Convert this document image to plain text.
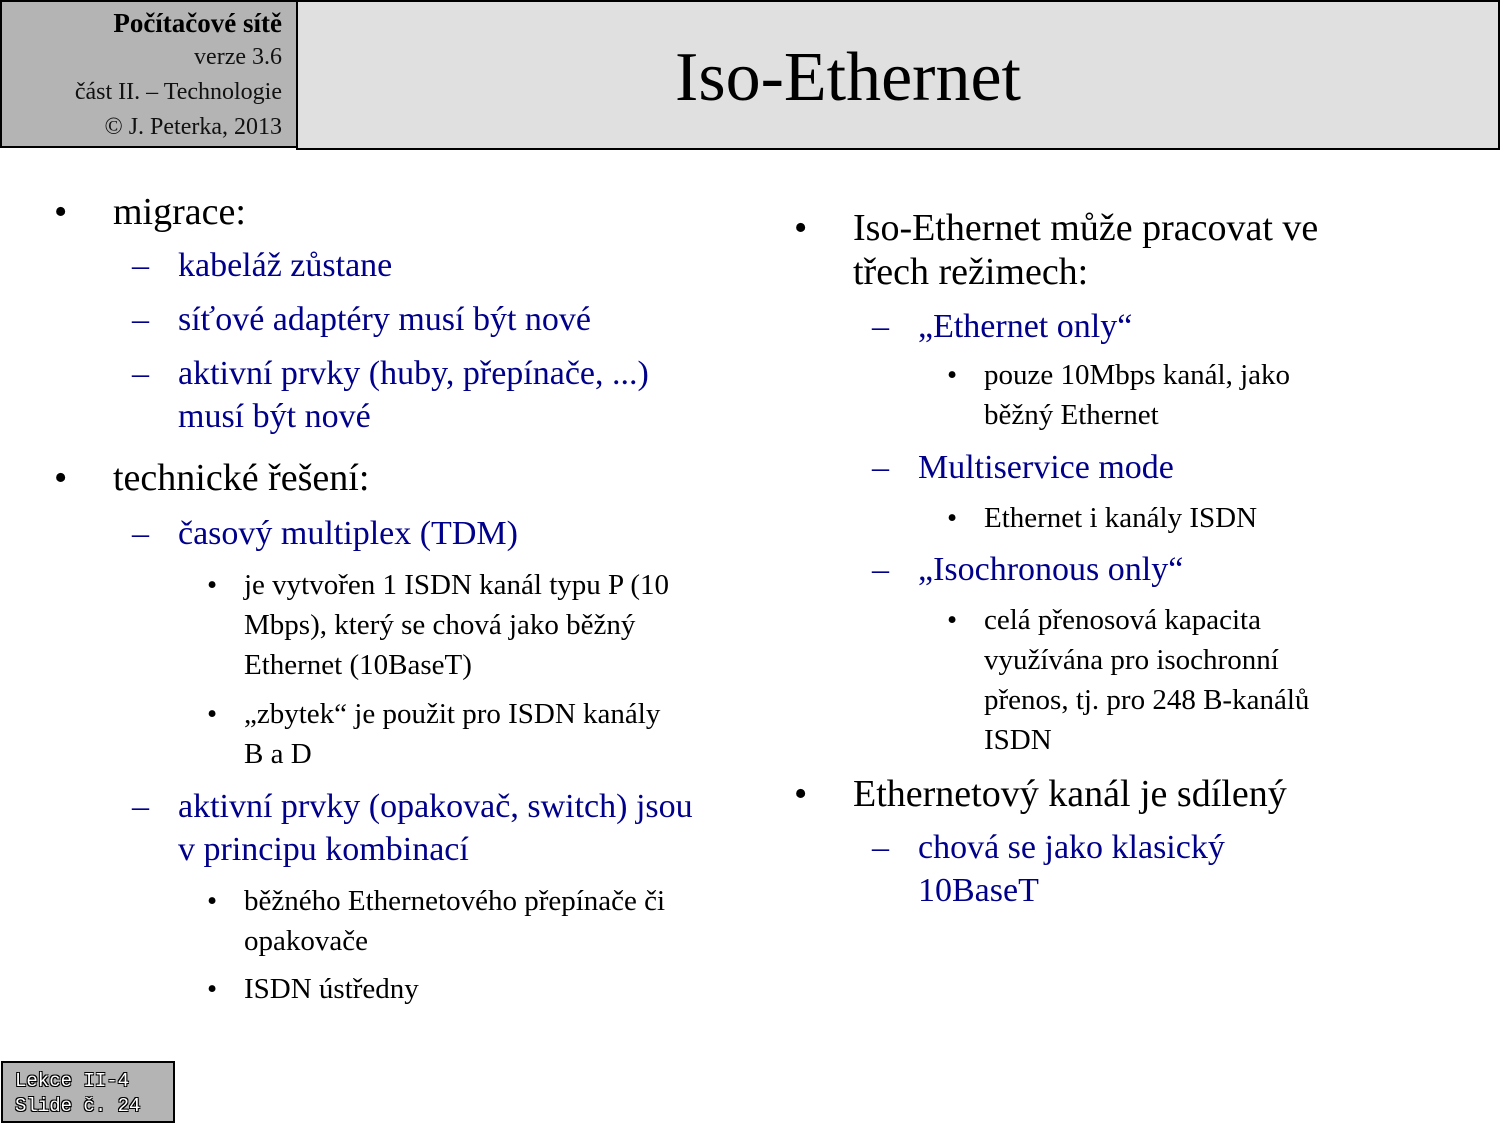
Počítačové sítě
verze 3.6
část II. – Technologie
© J. Peterka, 2013
Iso-Ethernet
•	migrace:
– kabeláž zůstane
– síťové adaptéry musí být nové
– aktivní prvky (huby, přepínače, ...)
musí být nové
•	technické řešení:
– časový multiplex (TDM)
• je vytvořen 1 ISDN kanál typu P (10
Mbps), který se chová jako běžný
Ethernet (10BaseT)
• „zbytek“ je použit pro ISDN kanály
B a D
– aktivní prvky (opakovač, switch) jsou
v principu kombinací
• běžného Ethernetového přepínače či
opakovače
• ISDN ústředny
•	Iso-Ethernet může pracovat ve
třech režimech:
– „Ethernet only“
• pouze 10Mbps kanál, jako
běžný Ethernet
– Multiservice mode
• Ethernet i kanály ISDN
– „Isochronous only“
• celá přenosová kapacita
využívána pro isochronní
přenos, tj. pro 248 B-kanálů
ISDN
•	Ethernetový kanál je sdílený
– chová se jako klasický
10BaseT
Lekce II-4
Slide č. 24
